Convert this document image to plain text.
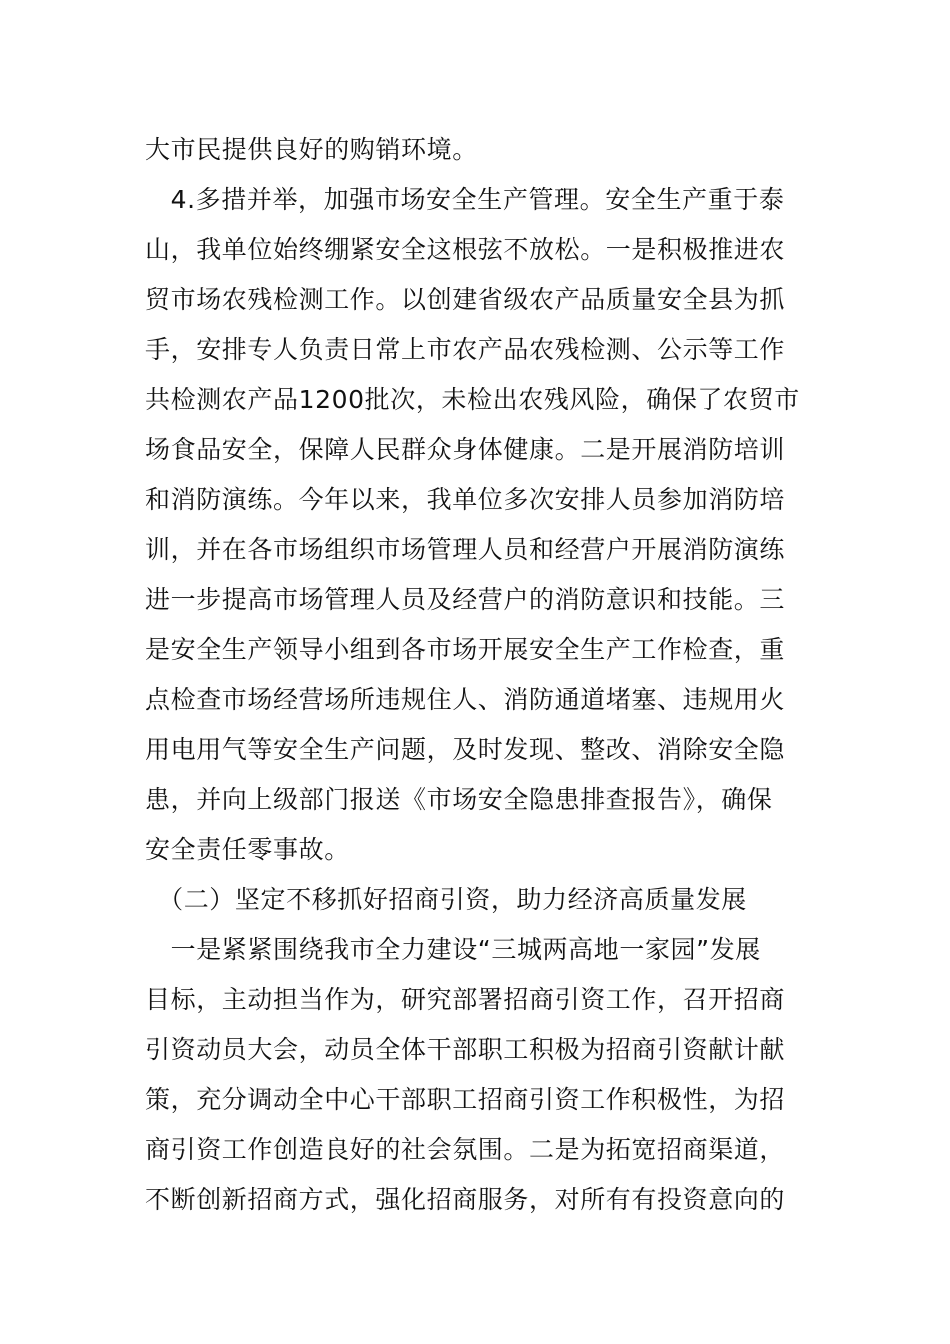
大市民提供良好的购销环境。
　4.多措并举，加强市场安全生产管理。安全生产重于泰
山，我单位始终绷紧安全这根弦不放松。一是积极推进农
贸市场农残检测工作。以创建省级农产品质量安全县为抓
手，安排专人负责日常上市农产品农残检测、公示等工作
共检测农产品1200批次，未检出农残风险，确保了农贸市
场食品安全，保障人民群众身体健康。二是开展消防培训
和消防演练。今年以来，我单位多次安排人员参加消防培
训，并在各市场组织市场管理人员和经营户开展消防演练
进一步提高市场管理人员及经营户的消防意识和技能。三
是安全生产领导小组到各市场开展安全生产工作检查，重
点检查市场经营场所违规住人、消防通道堵塞、违规用火
用电用气等安全生产问题，及时发现、整改、消除安全隐
患，并向上级部门报送《市场安全隐患排查报告》，确保
安全责任零事故。
　（二）坚定不移抓好招商引资，助力经济高质量发展
　一是紧紧围绕我市全力建设“三城两高地一家园”发展
目标，主动担当作为，研究部署招商引资工作，召开招商
引资动员大会，动员全体干部职工积极为招商引资献计献
策，充分调动全中心干部职工招商引资工作积极性，为招
商引资工作创造良好的社会氛围。二是为拓宽招商渠道，
不断创新招商方式，强化招商服务，对所有有投资意向的
